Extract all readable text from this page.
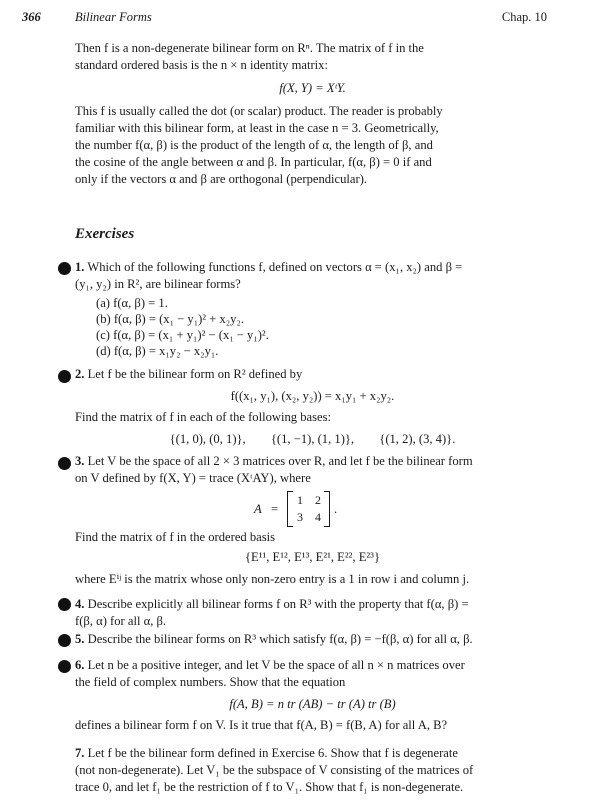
366	Bilinear Forms	Chap. 10
Then f is a non-degenerate bilinear form on Rⁿ. The matrix of f in the
standard ordered basis is the n × n identity matrix:
f(X, Y) = XᵗY.
This f is usually called the dot (or scalar) product. The reader is probably
familiar with this bilinear form, at least in the case n = 3. Geometrically,
the number f(α, β) is the product of the length of α, the length of β, and
the cosine of the angle between α and β. In particular, f(α, β) = 0 if and
only if the vectors α and β are orthogonal (perpendicular).
Exercises
1. Which of the following functions f, defined on vectors α = (x₁, x₂) and β =
(y₁, y₂) in R², are bilinear forms?
(a) f(α, β) = 1.
(b) f(α, β) = (x₁ − y₁)² + x₂y₂.
(c) f(α, β) = (x₁ + y₁)² − (x₁ − y₁)².
(d) f(α, β) = x₁y₂ − x₂y₁.
2. Let f be the bilinear form on R² defined by
f((x₁, y₁), (x₂, y₂)) = x₁y₁ + x₂y₂.
Find the matrix of f in each of the following bases:
{(1, 0), (0, 1)},        {(1, −1), (1, 1)},        {(1, 2), (3, 4)}.
3. Let V be the space of all 2 × 3 matrices over R, and let f be the bilinear form
on V defined by f(X, Y) = trace (XᵗAY), where
A =
1 2
3 4
.
Find the matrix of f in the ordered basis
{E¹¹, E¹², E¹³, E²¹, E²², E²³}
where Eⁱʲ is the matrix whose only non-zero entry is a 1 in row i and column j.
4. Describe explicitly all bilinear forms f on R³ with the property that f(α, β) =
f(β, α) for all α, β.
5. Describe the bilinear forms on R³ which satisfy f(α, β) = −f(β, α) for all α, β.
6. Let n be a positive integer, and let V be the space of all n × n matrices over
the field of complex numbers. Show that the equation
f(A, B) = n tr (AB) − tr (A) tr (B)
defines a bilinear form f on V. Is it true that f(A, B) = f(B, A) for all A, B?
7. Let f be the bilinear form defined in Exercise 6. Show that f is degenerate
(not non-degenerate). Let V₁ be the subspace of V consisting of the matrices of
trace 0, and let f₁ be the restriction of f to V₁. Show that f₁ is non-degenerate.
